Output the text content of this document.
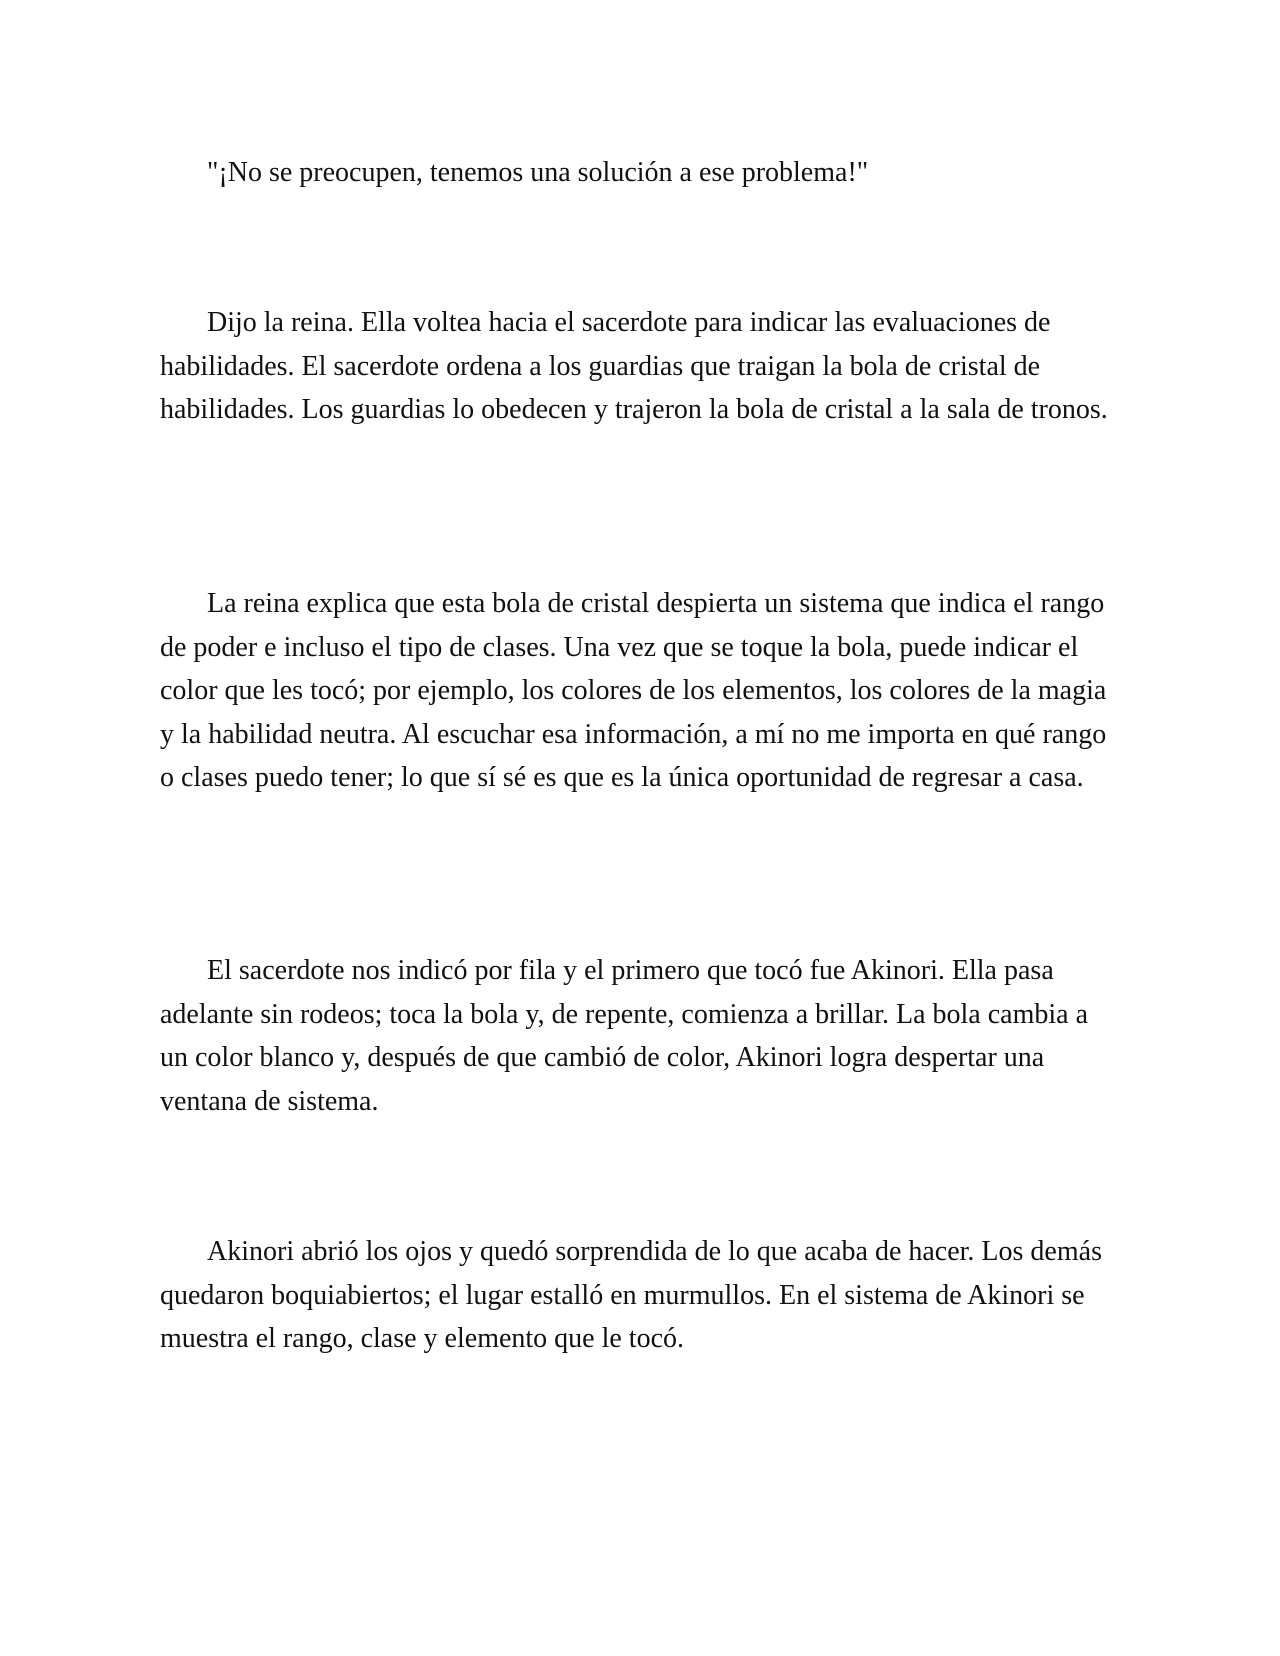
"¡No se preocupen, tenemos una solución a ese problema!"

Dijo la reina. Ella voltea hacia el sacerdote para indicar las evaluaciones de habilidades. El sacerdote ordena a los guardias que traigan la bola de cristal de habilidades. Los guardias lo obedecen y trajeron la bola de cristal a la sala de tronos.

La reina explica que esta bola de cristal despierta un sistema que indica el rango de poder e incluso el tipo de clases. Una vez que se toque la bola, puede indicar el color que les tocó; por ejemplo, los colores de los elementos, los colores de la magia y la habilidad neutra. Al escuchar esa información, a mí no me importa en qué rango o clases puedo tener; lo que sí sé es que es la única oportunidad de regresar a casa.

El sacerdote nos indicó por fila y el primero que tocó fue Akinori. Ella pasa adelante sin rodeos; toca la bola y, de repente, comienza a brillar. La bola cambia a un color blanco y, después de que cambió de color, Akinori logra despertar una ventana de sistema.

Akinori abrió los ojos y quedó sorprendida de lo que acaba de hacer. Los demás quedaron boquiabiertos; el lugar estalló en murmullos. En el sistema de Akinori se muestra el rango, clase y elemento que le tocó.
